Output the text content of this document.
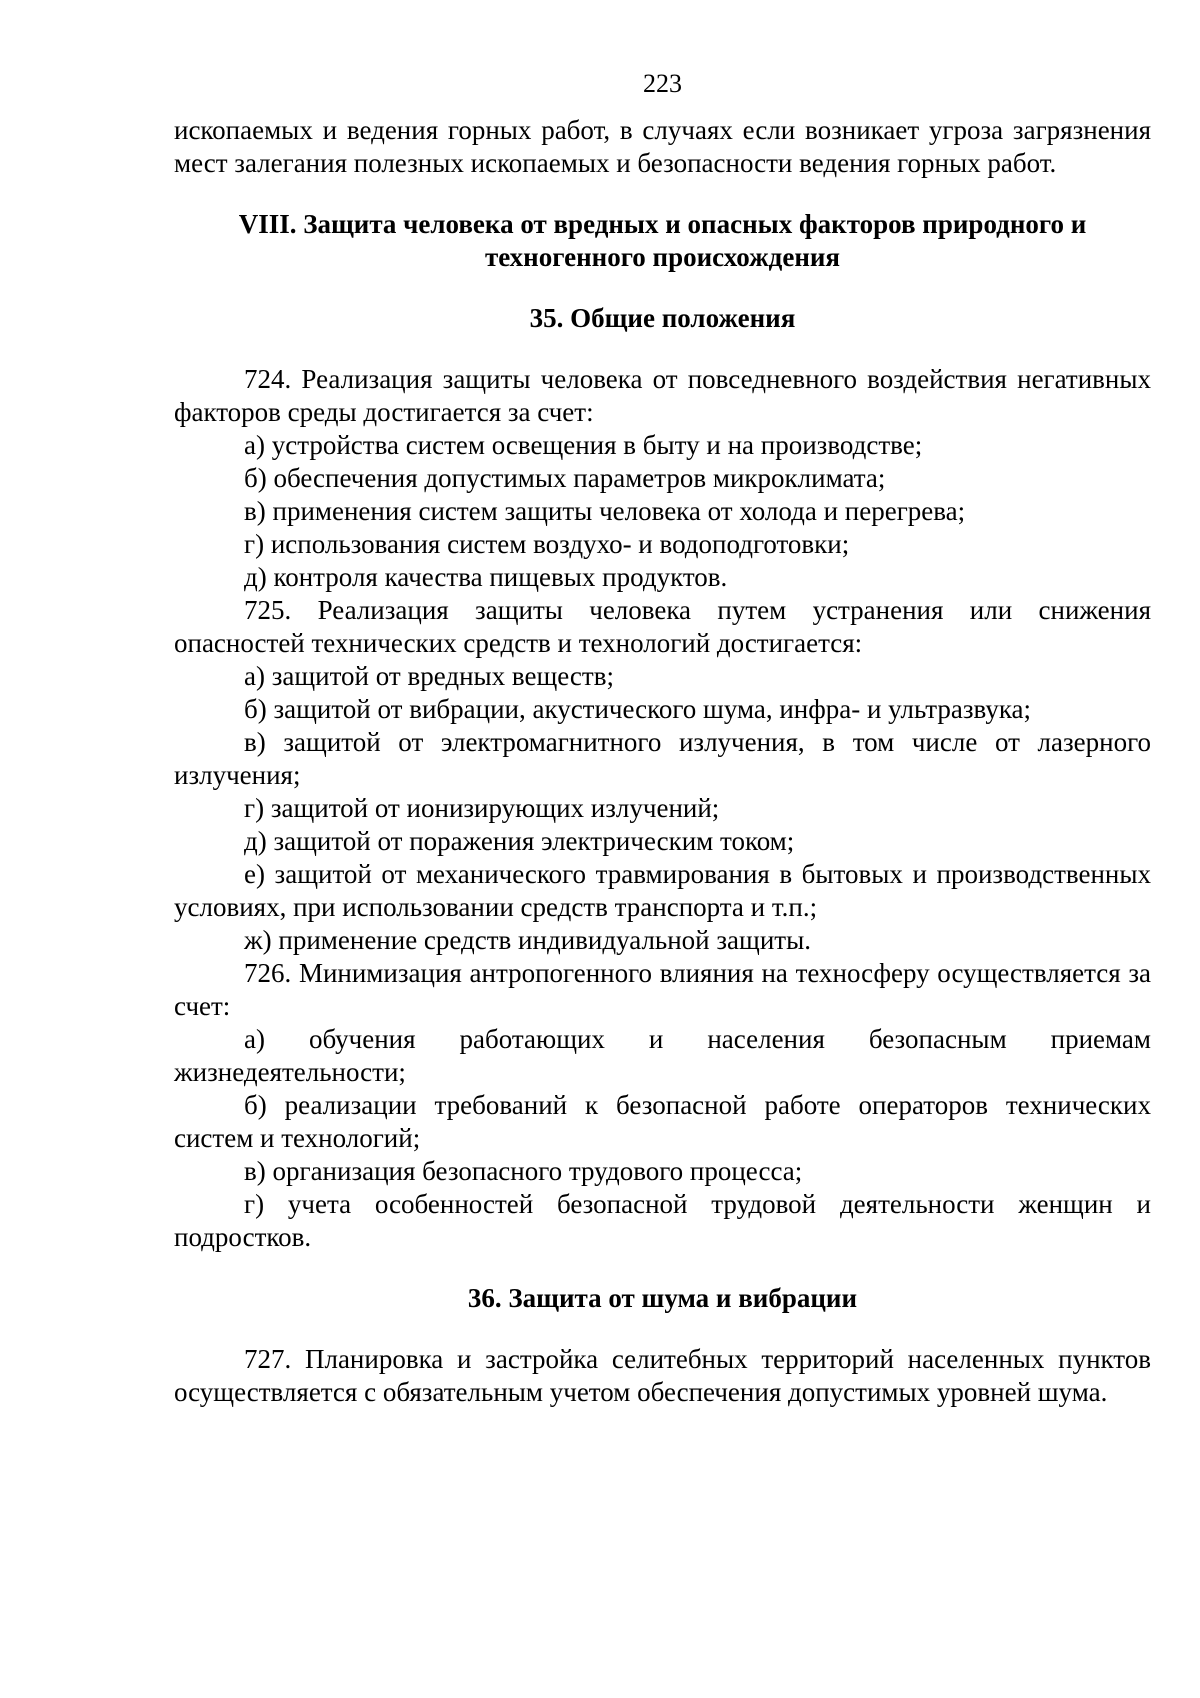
223

ископаемых и ведения горных работ, в случаях если возникает угроза загрязнения мест залегания полезных ископаемых и безопасности ведения горных работ.

VIII. Защита человека от вредных и опасных факторов природного и
техногенного происхождения
35. Общие положения

724. Реализация защиты человека от повседневного воздействия негативных факторов среды достигается за счет:

а) устройства систем освещения в быту и на производстве;

б) обеспечения допустимых параметров микроклимата;

в) применения систем защиты человека от холода и перегрева;

г) использования систем воздухо- и водоподготовки;

д) контроля качества пищевых продуктов.

725. Реализация защиты человека путем устранения или снижения опасностей технических средств и технологий достигается:

а) защитой от вредных веществ;

б) защитой от вибрации, акустического шума, инфра- и ультразвука;

в) защитой от электромагнитного излучения, в том числе от лазерного излучения;

г) защитой от ионизирующих излучений;

д) защитой от поражения электрическим током;

е) защитой от механического травмирования в бытовых и производственных условиях, при использовании средств транспорта и т.п.;

ж) применение средств индивидуальной защиты.

726. Минимизация антропогенного влияния на техносферу осуществляется за счет:

а) обучения работающих и населения безопасным приемам жизнедеятельности;

б) реализации требований к безопасной работе операторов технических систем и технологий;

в) организация безопасного трудового процесса;

г) учета особенностей безопасной трудовой деятельности женщин и подростков.

36. Защита от шума и вибрации

727. Планировка и застройка селитебных территорий населенных пунктов осуществляется с обязательным учетом обеспечения допустимых уровней шума.
